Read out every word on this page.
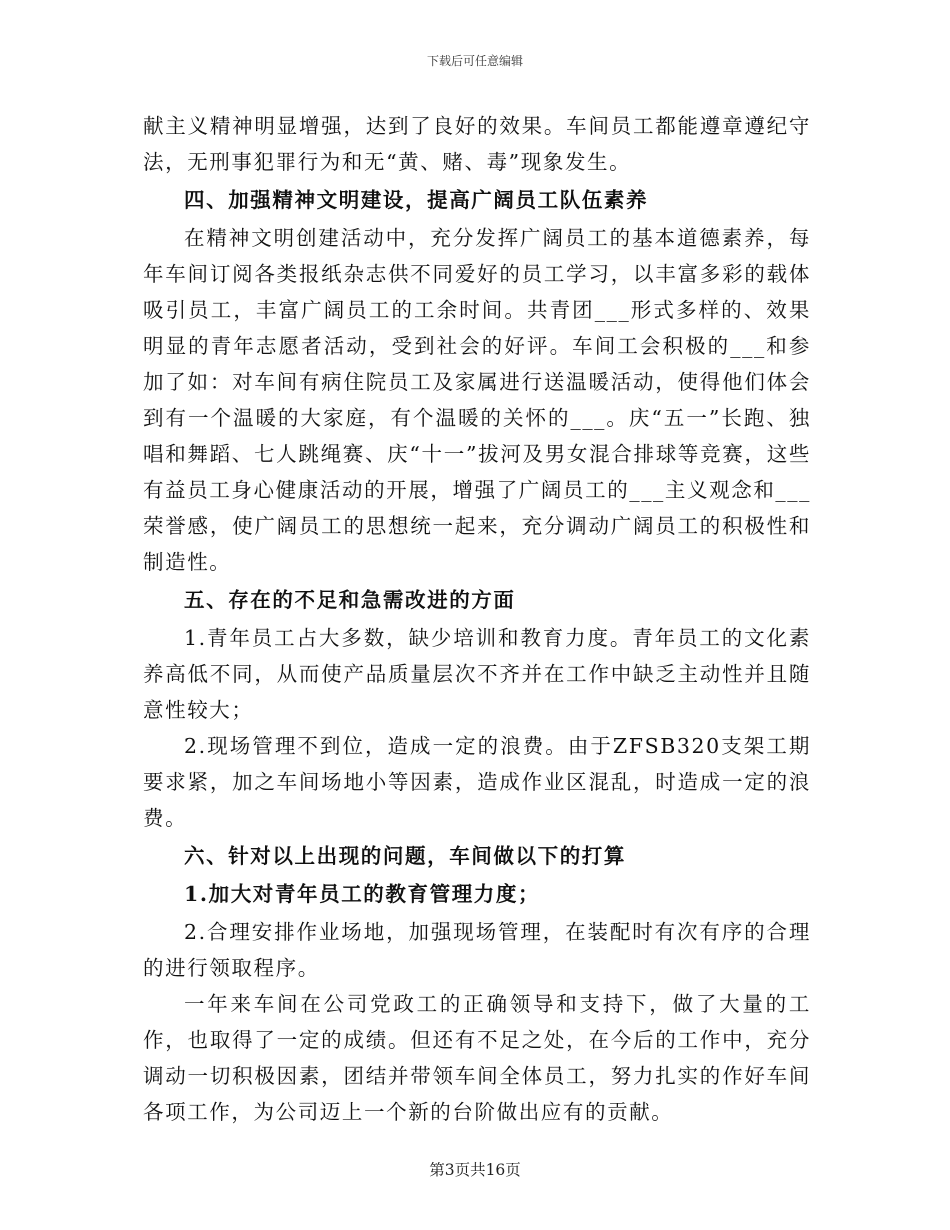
下载后可任意编辑

献主义精神明显增强，达到了良好的效果。车间员工都能遵章遵纪守法，无刑事犯罪行为和无“黄、赌、毒”现象发生。

四、加强精神文明建设，提高广阔员工队伍素养

在精神文明创建活动中，充分发挥广阔员工的基本道德素养，每年车间订阅各类报纸杂志供不同爱好的员工学习，以丰富多彩的载体吸引员工，丰富广阔员工的工余时间。共青团___形式多样的、效果明显的青年志愿者活动，受到社会的好评。车间工会积极的___和参加了如：对车间有病住院员工及家属进行送温暖活动，使得他们体会到有一个温暖的大家庭，有个温暖的关怀的___。庆“五一”长跑、独唱和舞蹈、七人跳绳赛、庆“十一”拔河及男女混合排球等竞赛，这些有益员工身心健康活动的开展，增强了广阔员工的___主义观念和___荣誉感，使广阔员工的思想统一起来，充分调动广阔员工的积极性和制造性。

五、存在的不足和急需改进的方面

1.青年员工占大多数，缺少培训和教育力度。青年员工的文化素养高低不同，从而使产品质量层次不齐并在工作中缺乏主动性并且随意性较大；

2.现场管理不到位，造成一定的浪费。由于ZFSB320支架工期要求紧，加之车间场地小等因素，造成作业区混乱，时造成一定的浪费。

六、针对以上出现的问题，车间做以下的打算

1.加大对青年员工的教育管理力度；

2.合理安排作业场地，加强现场管理，在装配时有次有序的合理的进行领取程序。

一年来车间在公司党政工的正确领导和支持下，做了大量的工作，也取得了一定的成绩。但还有不足之处，在今后的工作中，充分调动一切积极因素，团结并带领车间全体员工，努力扎实的作好车间各项工作，为公司迈上一个新的台阶做出应有的贡献。

第3页共16页
